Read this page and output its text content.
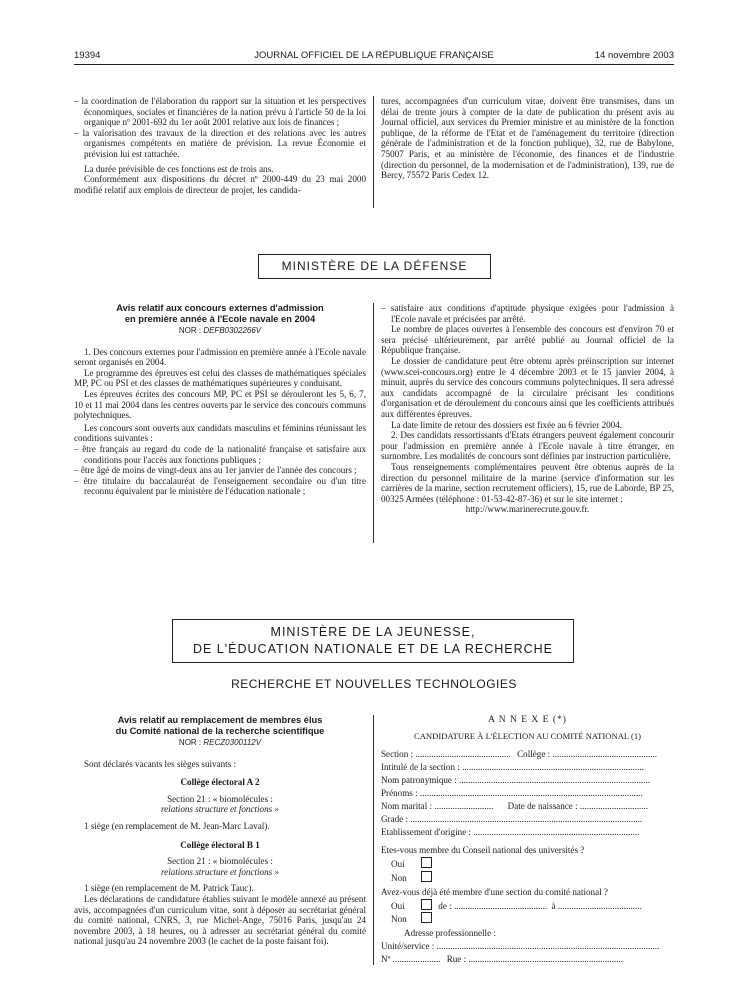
19394	JOURNAL OFFICIEL DE LA RÉPUBLIQUE FRANÇAISE	14 novembre 2003

– la coordination de l'élaboration du rapport sur la situation et les perspectives économiques, sociales et financières de la nation prévu à l'article 50 de la loi organique nº 2001-692 du 1er août 2001 relative aux lois de finances ;

– la valorisation des travaux de la direction et des relations avec les autres organismes compétents en matière de prévision. La revue Économie et prévision lui est rattachée.

La durée prévisible de ces fonctions est de trois ans.

Conformément aux dispositions du décret nº 2000-449 du 23 mai 2000 modifié relatif aux emplois de directeur de projet, les candida-

tures, accompagnées d'un curriculum vitae, doivent être transmises, dans un délai de trente jours à compter de la date de publication du présent avis au Journal officiel, aux services du Premier ministre et au ministère de la fonction publique, de la réforme de l'Etat et de l'aménagement du territoire (direction générale de l'administration et de la fonction publique), 32, rue de Babylone, 75007 Paris, et au ministère de l'économie, des finances et de l'industrie (direction du personnel, de la modernisation et de l'administration), 139, rue de Bercy, 75572 Paris Cedex 12.

MINISTÈRE DE LA DÉFENSE

Avis relatif aux concours externes d'admission

en première année à l'Ecole navale en 2004

NOR : DEFB0302266V

1. Des concours externes pour l'admission en première année à l'Ecole navale seront organisés en 2004.

Le programme des épreuves est celui des classes de mathématiques spéciales MP, PC ou PSI et des classes de mathématiques supérieures y conduisant.

Les épreuves écrites des concours MP, PC et PSI se dérouleront les 5, 6, 7, 10 et 11 mai 2004 dans les centres ouverts par le service des concours communs polytechniques.

Les concours sont ouverts aux candidats masculins et féminins réunissant les conditions suivantes :

– être français au regard du code de la nationalité française et satisfaire aux conditions pour l'accès aux fonctions publiques ;

– être âgé de moins de vingt-deux ans au 1er janvier de l'année des concours ;

– être titulaire du baccalauréat de l'enseignement secondaire ou d'un titre reconnu équivalent par le ministère de l'éducation nationale ;

– satisfaire aux conditions d'aptitude physique exigées pour l'admission à l'Ecole navale et précisées par arrêté.

Le nombre de places ouvertes à l'ensemble des concours est d'environ 70 et sera précisé ultérieurement, par arrêté publié au Journal officiel de la République française.

Le dossier de candidature peut être obtenu après préinscription sur internet (www.scei-concours.org) entre le 4 décembre 2003 et le 15 janvier 2004, à minuit, auprès du service des concours communs polytechniques. Il sera adressé aux candidats accompagné de la circulaire précisant les conditions d'organisation et de déroulement du concours ainsi que les coefficients attribués aux différentes épreuves.

La date limite de retour des dossiers est fixée au 6 février 2004.

2. Des candidats ressortissants d'Etats étrangers peuvent également concourir pour l'admission en première année à l'Ecole navale à titre étranger, en surnombre. Les modalités de concours sont définies par instruction particulière.

Tous renseignements complémentaires peuvent être obtenus auprès de la direction du personnel militaire de la marine (service d'information sur les carrières de la marine, section recrutement officiers), 15, rue de Laborde, BP 25, 00325 Armées (téléphone : 01-53-42-87-36) et sur le site internet :

http://www.marinerecrute.gouv.fr.

MINISTÈRE DE LA JEUNESSE,
DE L'ÉDUCATION NATIONALE ET DE LA RECHERCHE
RECHERCHE ET NOUVELLES TECHNOLOGIES

Avis relatif au remplacement de membres élus

du Comité national de la recherche scientifique

NOR : RECZ0300112V

Sont déclarés vacants les sièges suivants :

Collège électoral A 2

Section 21 : « biomolécules :

relations structure et fonctions »

1 siège (en remplacement de M. Jean-Marc Laval).

Collège électoral B 1

Section 21 : « biomolécules :

relations structure et fonctions »

1 siège (en remplacement de M. Patrick Tauc).

Les déclarations de candidature établies suivant le modèle annexé au présent avis, accompagnées d'un curriculum vitae, sont à déposer au secrétariat général du comité national, CNRS, 3, rue Michel-Ange, 75016 Paris, jusqu'au 24 novembre 2003, à 18 heures, ou à adresser au secrétariat général du comité national jusqu'au 24 novembre 2003 (le cachet de la poste faisant foi).

A N N E X E (*)
CANDIDATURE À L'ÉLECTION AU COMITÉ NATIONAL (1)
Section : .......................................... Collège : ..............................................
Intitulé de la section : ................................................................................
Nom patronymique : ....................................................................................
Prénoms : ..................................................................................................
Nom marital : .......................... Date de naissance : ..............................
Grade : ......................................................................................................
Etablissement d'origine : .........................................................................
Etes-vous membre du Conseil national des universités ?
Oui
Non
Avez-vous déjà été membre d'une section du comité national ?
Oui	de : ......................................... à .....................................
Non
Adresse professionnelle :
Unité/service : ..................................................................................................
Nº ..................... Rue : ....................................................................
